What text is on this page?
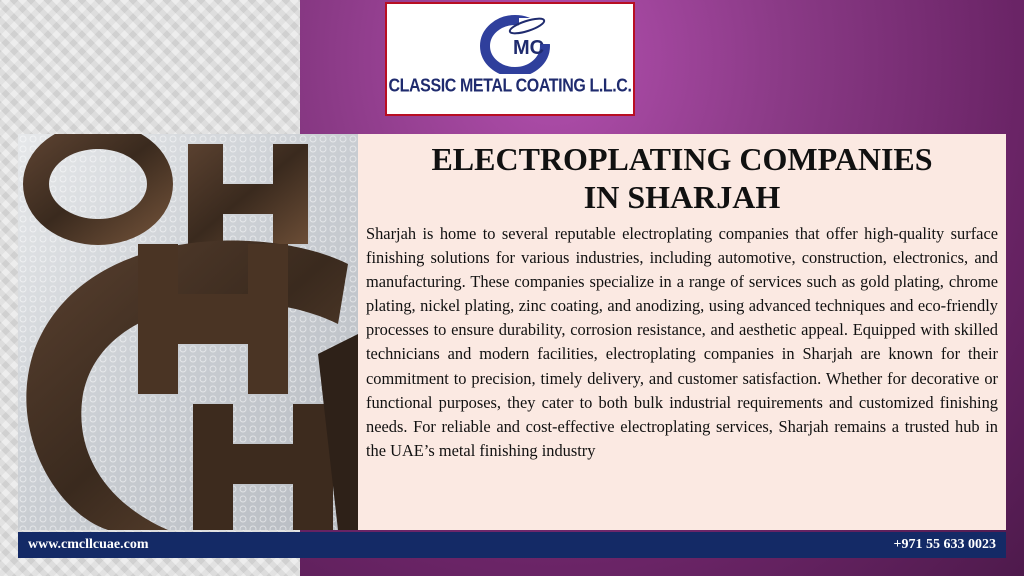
MC
CLASSIC METAL COATING L.L.C.
ELECTROPLATING COMPANIES
IN SHARJAH

Sharjah is home to several reputable electroplating companies that offer high-quality surface finishing solutions for various industries, including automotive, construction, electronics, and manufacturing. These companies specialize in a range of services such as gold plating, chrome plating, nickel plating, zinc coating, and anodizing, using advanced techniques and eco-friendly processes to ensure durability, corrosion resistance, and aesthetic appeal. Equipped with skilled technicians and modern facilities, electroplating companies in Sharjah are known for their commitment to precision, timely delivery, and customer satisfaction. Whether for decorative or functional purposes, they cater to both bulk industrial requirements and customized finishing needs. For reliable and cost-effective electroplating services, Sharjah remains a trusted hub in the UAE’s metal finishing industry

www.cmcllcuae.com	+971 55 633 0023
